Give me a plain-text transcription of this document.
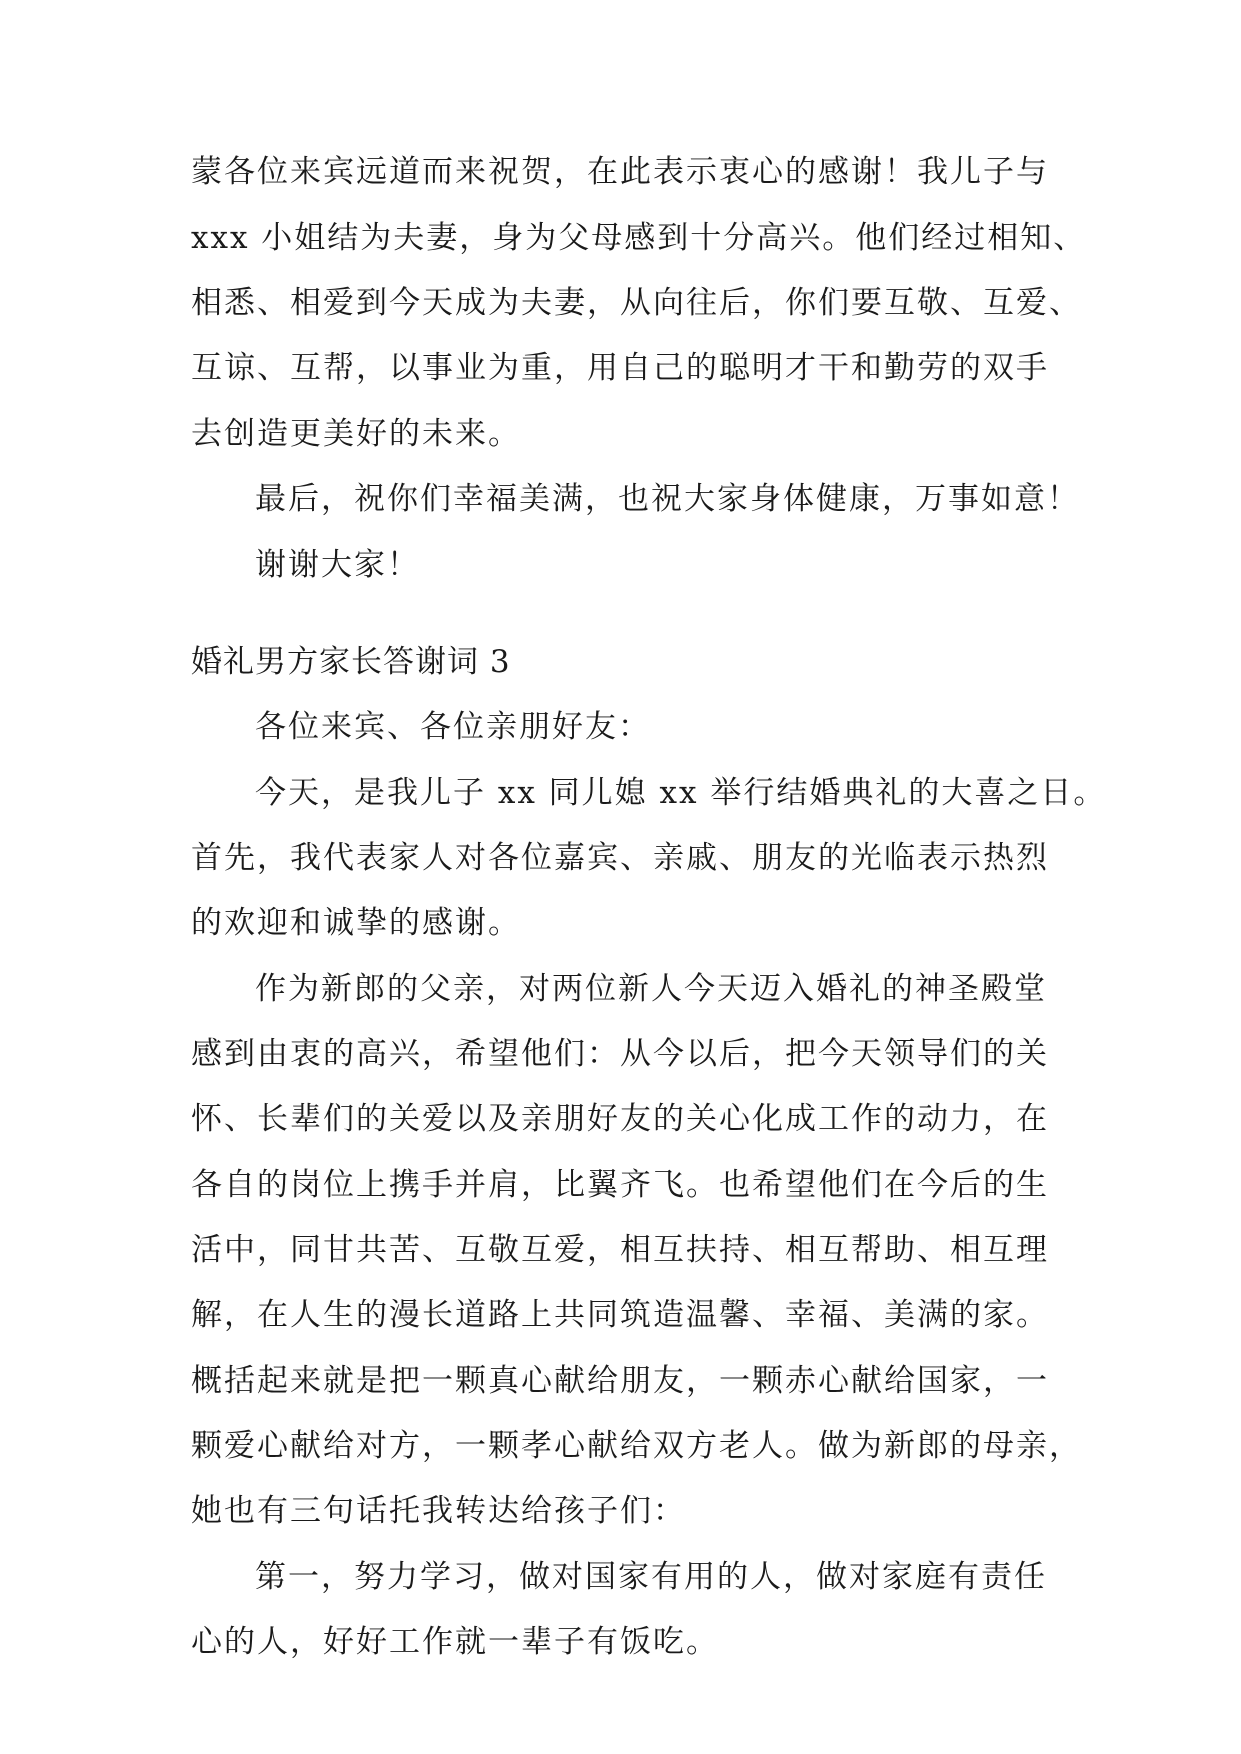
蒙各位来宾远道而来祝贺，在此表示衷心的感谢！我儿子与
xxx 小姐结为夫妻，身为父母感到十分高兴。他们经过相知、
相悉、相爱到今天成为夫妻，从向往后，你们要互敬、互爱、
互谅、互帮，以事业为重，用自己的聪明才干和勤劳的双手
去创造更美好的未来。
最后，祝你们幸福美满，也祝大家身体健康，万事如意！
谢谢大家！
婚礼男方家长答谢词 3
各位来宾、各位亲朋好友：
今天，是我儿子 xx 同儿媳 xx 举行结婚典礼的大喜之日。
首先，我代表家人对各位嘉宾、亲戚、朋友的光临表示热烈
的欢迎和诚挚的感谢。
作为新郎的父亲，对两位新人今天迈入婚礼的神圣殿堂
感到由衷的高兴，希望他们：从今以后，把今天领导们的关
怀、长辈们的关爱以及亲朋好友的关心化成工作的动力，在
各自的岗位上携手并肩，比翼齐飞。也希望他们在今后的生
活中，同甘共苦、互敬互爱，相互扶持、相互帮助、相互理
解，在人生的漫长道路上共同筑造温馨、幸福、美满的家。
概括起来就是把一颗真心献给朋友，一颗赤心献给国家，一
颗爱心献给对方，一颗孝心献给双方老人。做为新郎的母亲，
她也有三句话托我转达给孩子们：
第一，努力学习，做对国家有用的人，做对家庭有责任
心的人，好好工作就一辈子有饭吃。
